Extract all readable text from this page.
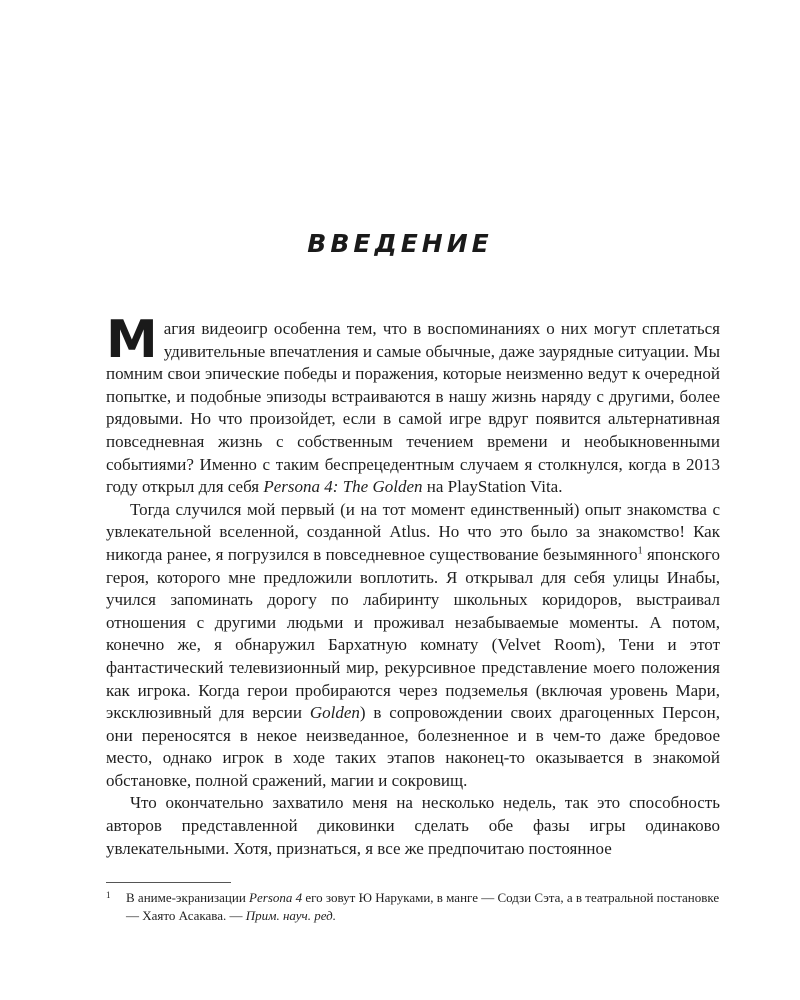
ВВЕДЕНИЕ

Магия видеоигр особенна тем, что в воспоминаниях о них могут сплетаться удивительные впечатления и самые обычные, даже заурядные ситуации. Мы помним свои эпические победы и поражения, которые неизменно ведут к очередной попытке, и подобные эпизоды встраиваются в нашу жизнь наряду с другими, более рядовыми. Но что произойдет, если в самой игре вдруг появится альтернативная повседневная жизнь с собственным течением времени и необыкновенными событиями? Именно с таким беспрецедентным случаем я столкнулся, когда в 2013 году открыл для себя Persona 4: The Golden на PlayStation Vita.

Тогда случился мой первый (и на тот момент единственный) опыт знакомства с увлекательной вселенной, созданной Atlus. Но что это было за знакомство! Как никогда ранее, я погрузился в повседневное существование безымянного$^1$ японского героя, которого мне предложили воплотить. Я открывал для себя улицы Инабы, учился запоминать дорогу по лабиринту школьных коридоров, выстраивал отношения с другими людьми и проживал незабываемые моменты. А потом, конечно же, я обнаружил Бархатную комнату (Velvet Room), Тени и этот фантастический телевизионный мир, рекурсивное представление моего положения как игрока. Когда герои пробираются через подземелья (включая уровень Мари, эксклюзивный для версии Golden) в сопровождении своих драгоценных Персон, они переносятся в некое неизведанное, болезненное и в чем-то даже бредовое место, однако игрок в ходе таких этапов наконец-то оказывается в знакомой обстановке, полной сражений, магии и сокровищ.

Что окончательно захватило меня на несколько недель, так это способность авторов представленной диковинки сделать обе фазы игры одинаково увлекательными. Хотя, признаться, я все же предпочитаю постоянное

1 В аниме-экранизации Persona 4 его зовут Ю Наруками, в манге — Содзи Сэта, а в театральной постановке — Хаято Асакава. — Прим. науч. ред.
